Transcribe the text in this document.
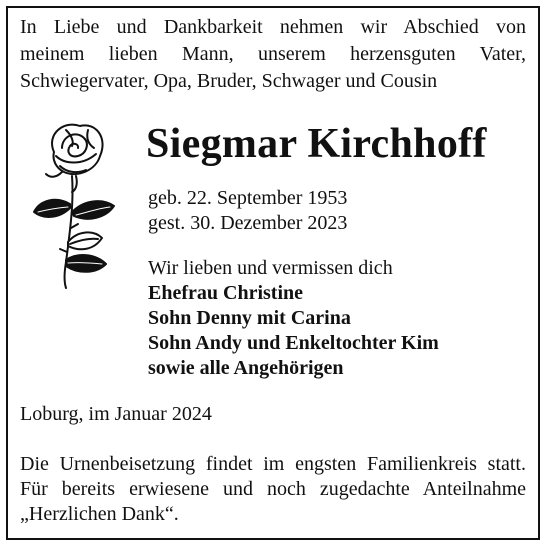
In Liebe und Dankbarkeit nehmen wir Abschied von
meinem lieben Mann, unserem herzensguten Vater,
Schwiegervater, Opa, Bruder, Schwager und Cousin
Siegmar Kirchhoff
geb. 22. September 1953
gest. 30. Dezember 2023
Wir lieben und vermissen dich
Ehefrau Christine
Sohn Denny mit Carina
Sohn Andy und Enkeltochter Kim
sowie alle Angehörigen
Loburg, im Januar 2024
Die Urnenbeisetzung findet im engsten Familienkreis statt.
Für bereits erwiesene und noch zugedachte Anteilnahme
„Herzlichen Dank“.
